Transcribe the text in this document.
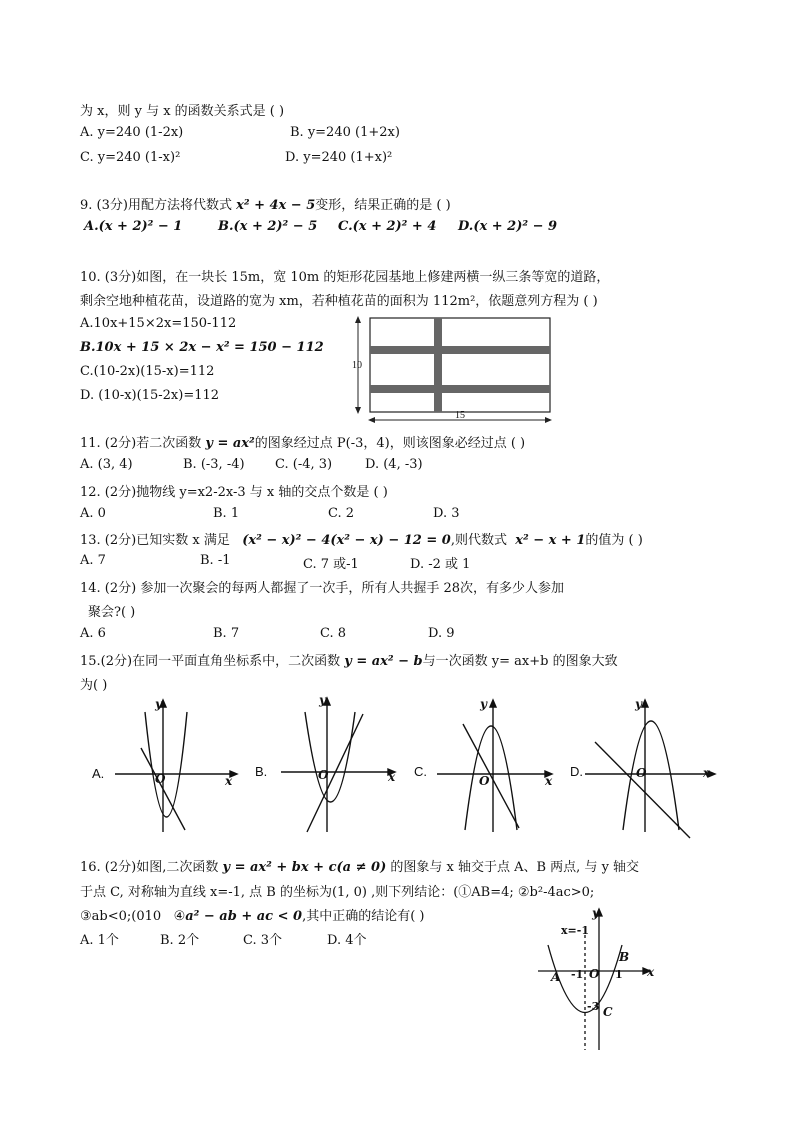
为 x，则 y 与 x 的函数关系式是 ( )
A. y=240 (1-2x)	B. y=240 (1+2x)
C. y=240 (1-x)²	D. y=240 (1+x)²
9. (3分)用配方法将代数式 x² + 4x − 5变形，结果正确的是 ( )
A.(x + 2)² − 1	B.(x + 2)² − 5 C.(x + 2)² + 4 D.(x + 2)² − 9
10. (3分)如图，在一块长 15m，宽 10m 的矩形花园基地上修建两横一纵三条等宽的道路，
剩余空地种植花苗，设道路的宽为 xm，若种植花苗的面积为 112m²，依题意列方程为 ( )
A.10x+15×2x=150-112
B.10x + 15 × 2x − x² = 150 − 112
C.(10-2x)(15-x)=112
D. (10-x)(15-2x)=112
10
15
11. (2分)若二次函数 y = ax²的图象经过点 P(-3，4)，则该图象必经过点 ( )
A. (3, 4)	B. (-3, -4) C. (-4, 3)	D. (4, -3)
12. (2分)抛物线 y=x2-2x-3 与 x 轴的交点个数是 ( )
A. 0	B. 1	C. 2	D. 3
13. (2分)已知实数 x 满足 (x² − x)² − 4(x² − x) − 12 = 0,则代数式 x² − x + 1的值为 ( )
A. 7	B. -1	C. 7 或-1	D. -2 或 1
14. (2分) 参加一次聚会的每两人都握了一次手，所有人共握手 28次，有多少人参加
聚会?( )
A. 6	B. 7	C. 8	D. 9
15.(2分)在同一平面直角坐标系中，二次函数 y = ax² − b与一次函数 y= ax+b 的图象大致
为( )
A.	B.	C.	D.
y
O	x
y
O	x
y
O	x
y
O	x
16. (2分)如图,二次函数 y = ax² + bx + c(a ≠ 0) 的图象与 x 轴交于点 A、B 两点, 与 y 轴交
于点 C, 对称轴为直线 x=-1, 点 B 的坐标为(1, 0) ,则下列结论：(①AB=4; ②b²-4ac>0;
③ab<0;(010 ④a² − ab + ac < 0,其中正确的结论有( )
A. 1个	B. 2个	C. 3个	D. 4个
x=-1
y
x
A
B
C
O
-1	1
-3
